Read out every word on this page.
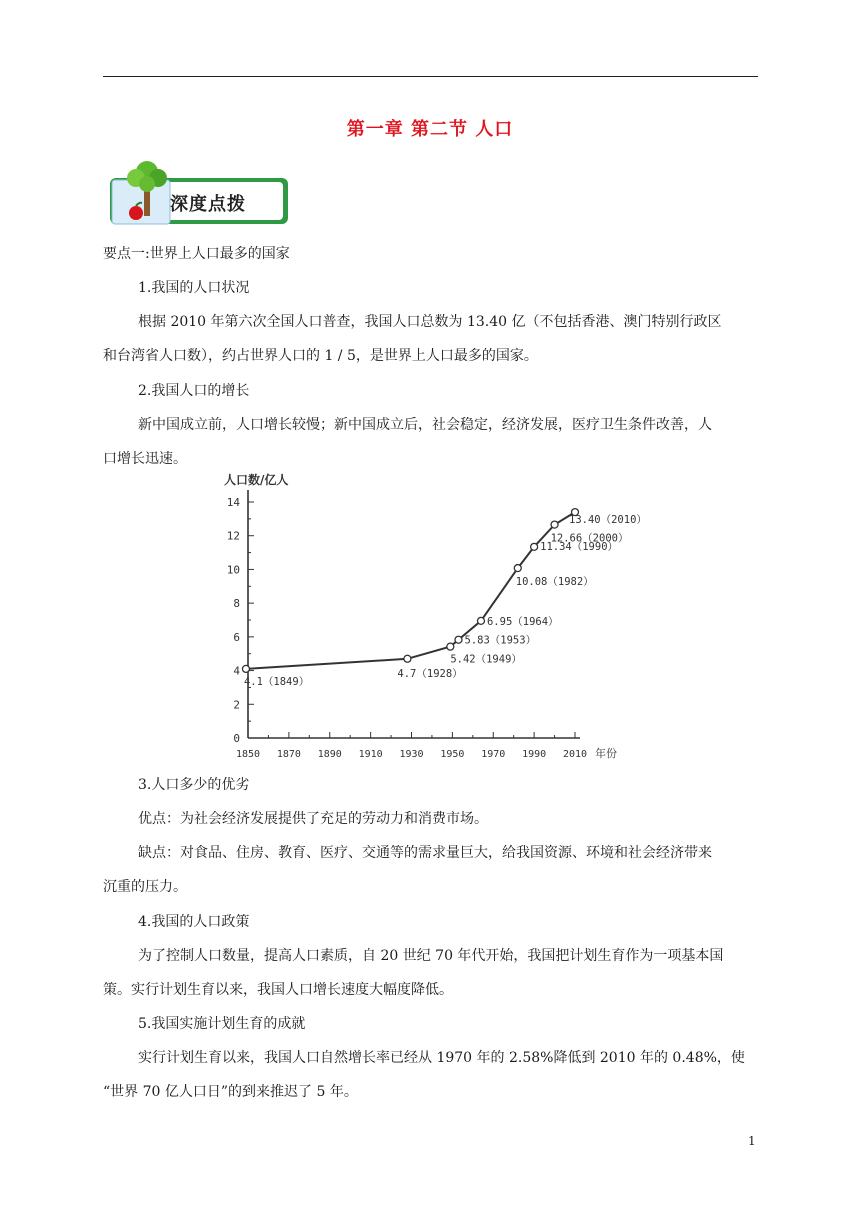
第一章 第二节 人口
深度点拨
要点一:世界上人口最多的国家
1.我国的人口状况
根据 2010 年第六次全国人口普查，我国人口总数为 13.40 亿（不包括香港、澳门特别行政区
和台湾省人口数），约占世界人口的 1 / 5，是世界上人口最多的国家。
2.我国人口的增长
新中国成立前，人口增长较慢；新中国成立后，社会稳定，经济发展，医疗卫生条件改善，人
口增长迅速。
0
2
4
6
8
10
12
14
1850 1870 1890 1910 1930 1950 1970 1990 2010
人口数/亿人
年份
4.1（1849）
4.7（1928）
5.42（1949）
5.83（1953）
6.95（1964）
10.08（1982）
11.34（1990）
12.66（2000）
13.40（2010）
3.人口多少的优劣
优点：为社会经济发展提供了充足的劳动力和消费市场。
缺点：对食品、住房、教育、医疗、交通等的需求量巨大，给我国资源、环境和社会经济带来
沉重的压力。
4.我国的人口政策
为了控制人口数量，提高人口素质，自 20 世纪 70 年代开始，我国把计划生育作为一项基本国
策。实行计划生育以来，我国人口增长速度大幅度降低。
5.我国实施计划生育的成就
实行计划生育以来，我国人口自然增长率已经从 1970 年的 2.58%降低到 2010 年的 0.48%，使
“世界 70 亿人口日”的到来推迟了 5 年。
1
